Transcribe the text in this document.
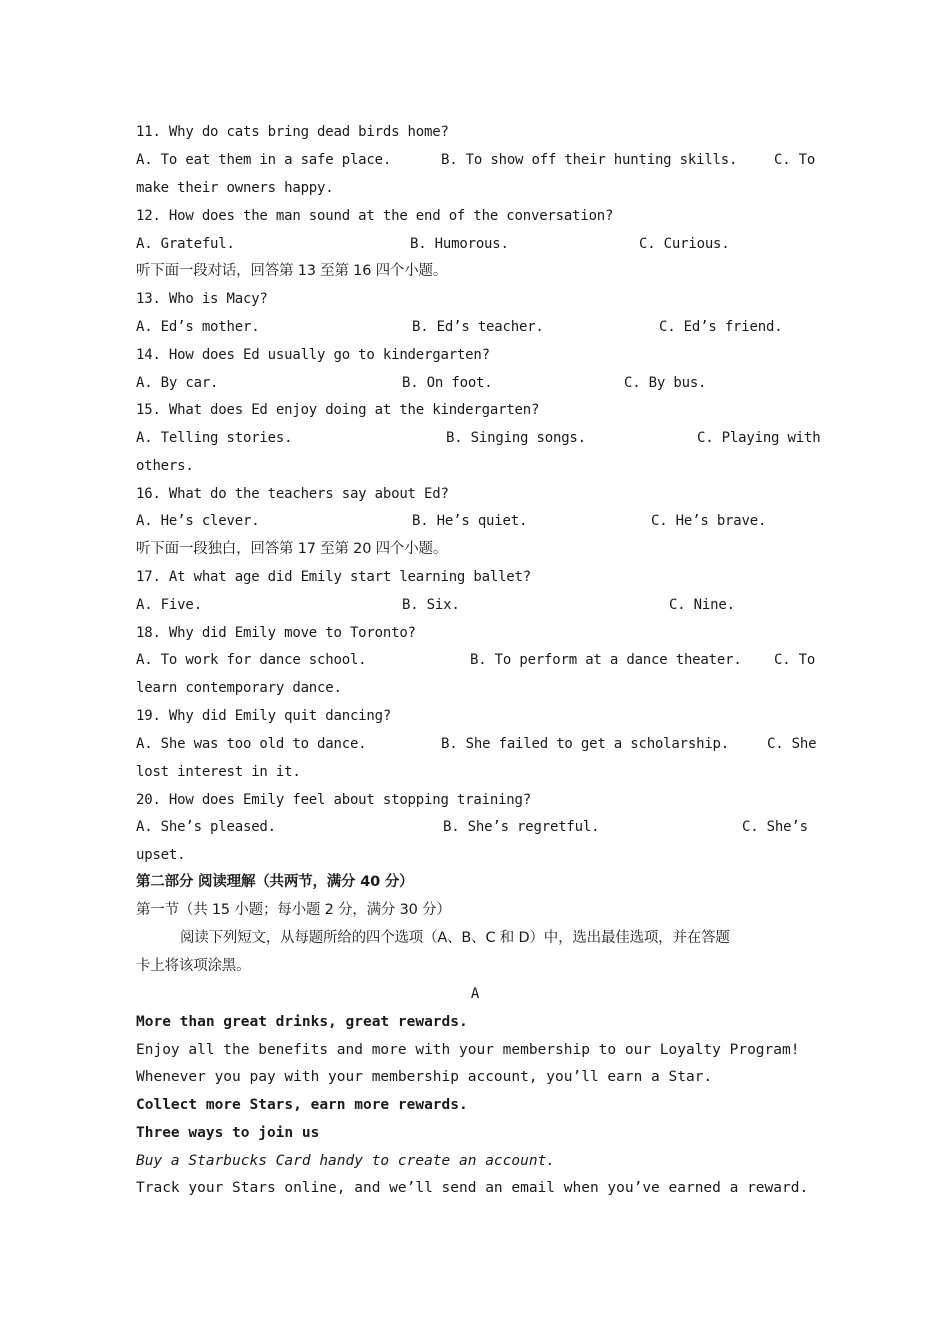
11. Why do cats bring dead birds home?
A. To eat them in a safe place.	B. To show off their hunting skills.	C. To
make their owners happy.
12. How does the man sound at the end of the conversation?
A. Grateful.	B. Humorous.	C. Curious.
听下面一段对话，回答第 13 至第 16 四个小题。
13. Who is Macy?
A. Ed’s mother.	B. Ed’s teacher.	C. Ed’s friend.
14. How does Ed usually go to kindergarten?
A. By car.	B. On foot.	C. By bus.
15. What does Ed enjoy doing at the kindergarten?
A. Telling stories.	B. Singing songs.	C. Playing with
others.
16. What do the teachers say about Ed?
A. He’s clever.	B. He’s quiet.	C. He’s brave.
听下面一段独白，回答第 17 至第 20 四个小题。
17. At what age did Emily start learning ballet?
A. Five.	B. Six.	C. Nine.
18. Why did Emily move to Toronto?
A. To work for dance school.	B. To perform at a dance theater. C. To
learn contemporary dance.
19. Why did Emily quit dancing?
A. She was too old to dance.	B. She failed to get a scholarship.	C. She
lost interest in it.
20. How does Emily feel about stopping training?
A. She’s pleased.	B. She’s regretful.	C. She’s
upset.
第二部分 阅读理解（共两节，满分 40 分）
第一节（共 15 小题；每小题 2 分，满分 30 分）
阅读下列短文，从每题所给的四个选项（A、B、C 和 D）中，选出最佳选项，并在答题
卡上将该项涂黑。
A
More than great drinks, great rewards.
Enjoy all the benefits and more with your membership to our Loyalty Program!
Whenever you pay with your membership account, you’ll earn a Star.
Collect more Stars, earn more rewards.
Three ways to join us
Buy a Starbucks Card handy to create an account.
Track your Stars online, and we’ll send an email when you’ve earned a reward.
